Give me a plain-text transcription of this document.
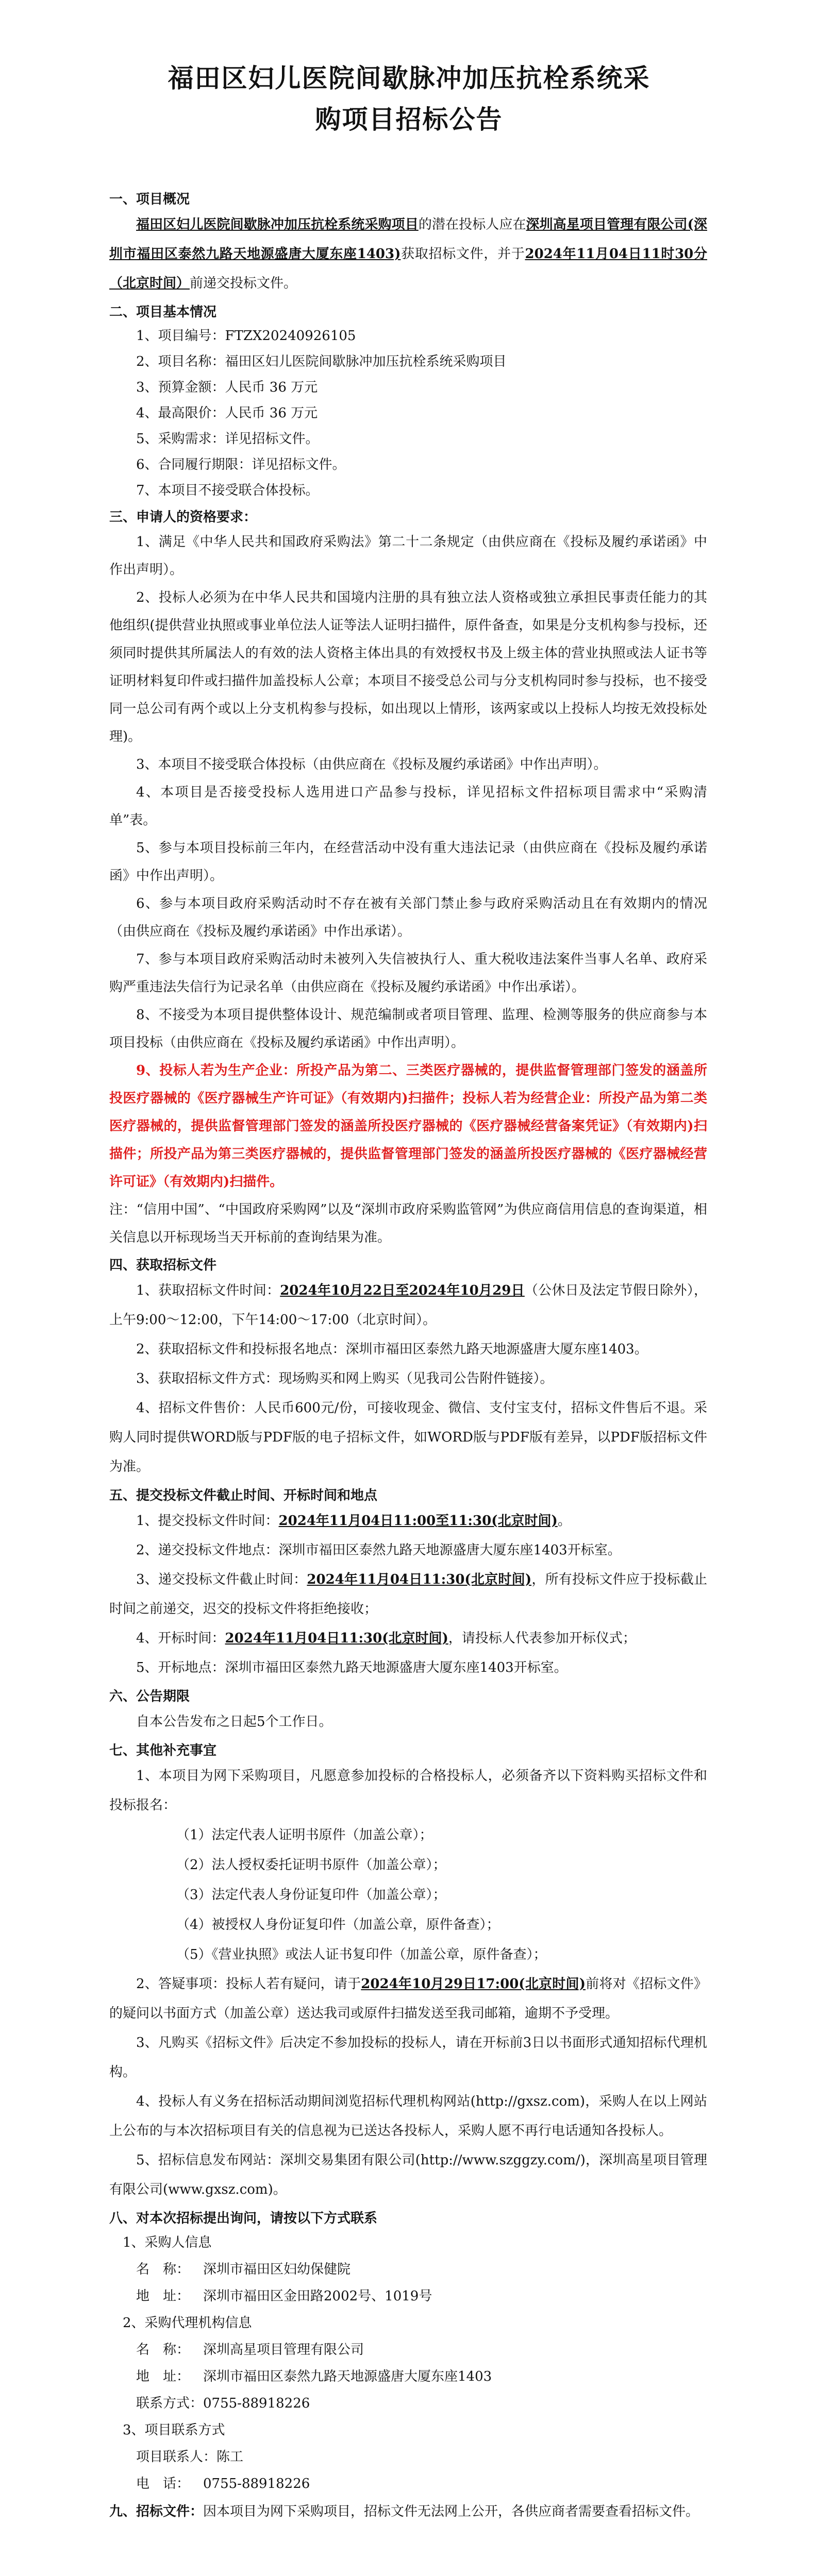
福田区妇儿医院间歇脉冲加压抗栓系统采
购项目招标公告
一、项目概况

福田区妇儿医院间歇脉冲加压抗栓系统采购项目的潜在投标人应在深圳高星项目管理有限公司(深圳市福田区泰然九路天地源盛唐大厦东座1403)获取招标文件，并于2024年11月04日11时30分（北京时间）前递交投标文件。

二、项目基本情况
1、项目编号：FTZX20240926105
2、项目名称：福田区妇儿医院间歇脉冲加压抗栓系统采购项目
3、预算金额：人民币 36 万元
4、最高限价：人民币 36 万元
5、采购需求：详见招标文件。
6、合同履行期限：详见招标文件。
7、本项目不接受联合体投标。
三、申请人的资格要求：

1、满足《中华人民共和国政府采购法》第二十二条规定（由供应商在《投标及履约承诺函》中作出声明）。

2、投标人必须为在中华人民共和国境内注册的具有独立法人资格或独立承担民事责任能力的其他组织(提供营业执照或事业单位法人证等法人证明扫描件，原件备查，如果是分支机构参与投标，还须同时提供其所属法人的有效的法人资格主体出具的有效授权书及上级主体的营业执照或法人证书等证明材料复印件或扫描件加盖投标人公章；本项目不接受总公司与分支机构同时参与投标，也不接受同一总公司有两个或以上分支机构参与投标，如出现以上情形，该两家或以上投标人均按无效投标处理)。

3、本项目不接受联合体投标（由供应商在《投标及履约承诺函》中作出声明）。

4、本项目是否接受投标人选用进口产品参与投标，详见招标文件招标项目需求中“采购清单”表。

5、参与本项目投标前三年内，在经营活动中没有重大违法记录（由供应商在《投标及履约承诺函》中作出声明）。

6、参与本项目政府采购活动时不存在被有关部门禁止参与政府采购活动且在有效期内的情况（由供应商在《投标及履约承诺函》中作出承诺）。

7、参与本项目政府采购活动时未被列入失信被执行人、重大税收违法案件当事人名单、政府采购严重违法失信行为记录名单（由供应商在《投标及履约承诺函》中作出承诺）。

8、不接受为本项目提供整体设计、规范编制或者项目管理、监理、检测等服务的供应商参与本项目投标（由供应商在《投标及履约承诺函》中作出声明）。

9、投标人若为生产企业：所投产品为第二、三类医疗器械的，提供监督管理部门签发的涵盖所投医疗器械的《医疗器械生产许可证》（有效期内)扫描件；投标人若为经营企业：所投产品为第二类医疗器械的，提供监督管理部门签发的涵盖所投医疗器械的《医疗器械经营备案凭证》（有效期内)扫描件；所投产品为第三类医疗器械的，提供监督管理部门签发的涵盖所投医疗器械的《医疗器械经营许可证》（有效期内)扫描件。

注：“信用中国”、“中国政府采购网”以及“深圳市政府采购监管网”为供应商信用信息的查询渠道，相关信息以开标现场当天开标前的查询结果为准。

四、获取招标文件

1、获取招标文件时间：2024年10月22日至2024年10月29日（公休日及法定节假日除外），上午9:00～12:00，下午14:00～17:00（北京时间）。

2、获取招标文件和投标报名地点：深圳市福田区泰然九路天地源盛唐大厦东座1403。

3、获取招标文件方式：现场购买和网上购买（见我司公告附件链接）。

4、招标文件售价：人民币600元/份，可接收现金、微信、支付宝支付，招标文件售后不退。采购人同时提供WORD版与PDF版的电子招标文件，如WORD版与PDF版有差异，以PDF版招标文件为准。

五、提交投标文件截止时间、开标时间和地点

1、提交投标文件时间：2024年11月04日11:00至11:30(北京时间)。

2、递交投标文件地点：深圳市福田区泰然九路天地源盛唐大厦东座1403开标室。

3、递交投标文件截止时间：2024年11月04日11:30(北京时间)，所有投标文件应于投标截止时间之前递交，迟交的投标文件将拒绝接收；

4、开标时间：2024年11月04日11:30(北京时间)，请投标人代表参加开标仪式；

5、开标地点：深圳市福田区泰然九路天地源盛唐大厦东座1403开标室。

六、公告期限

自本公告发布之日起5个工作日。

七、其他补充事宜

1、本项目为网下采购项目，凡愿意参加投标的合格投标人，必须备齐以下资料购买招标文件和投标报名：

（1）法定代表人证明书原件（加盖公章）；
（2）法人授权委托证明书原件（加盖公章）；
（3）法定代表人身份证复印件（加盖公章）；
（4）被授权人身份证复印件（加盖公章，原件备查）；
（5）《营业执照》或法人证书复印件（加盖公章，原件备查）；

2、答疑事项：投标人若有疑问，请于2024年10月29日17:00(北京时间)前将对《招标文件》的疑问以书面方式（加盖公章）送达我司或原件扫描发送至我司邮箱，逾期不予受理。

3、凡购买《招标文件》后决定不参加投标的投标人，请在开标前3日以书面形式通知招标代理机构。

4、投标人有义务在招标活动期间浏览招标代理机构网站(http://gxsz.com)，采购人在以上网站上公布的与本次招标项目有关的信息视为已送达各投标人，采购人愿不再行电话通知各投标人。

5、招标信息发布网站：深圳交易集团有限公司(http://www.szggzy.com/)，深圳高星项目管理有限公司(www.gxsz.com)。

八、对本次招标提出询问，请按以下方式联系
1、采购人信息
名　称： 深圳市福田区妇幼保健院
地　址： 深圳市福田区金田路2002号、1019号
2、采购代理机构信息
名　称： 深圳高星项目管理有限公司
地　址： 深圳市福田区泰然九路天地源盛唐大厦东座1403
联系方式：0755-88918226
3、项目联系方式
项目联系人：陈工
电　话： 0755-88918226

九、招标文件：因本项目为网下采购项目，招标文件无法网上公开，各供应商者需要查看招标文件。
